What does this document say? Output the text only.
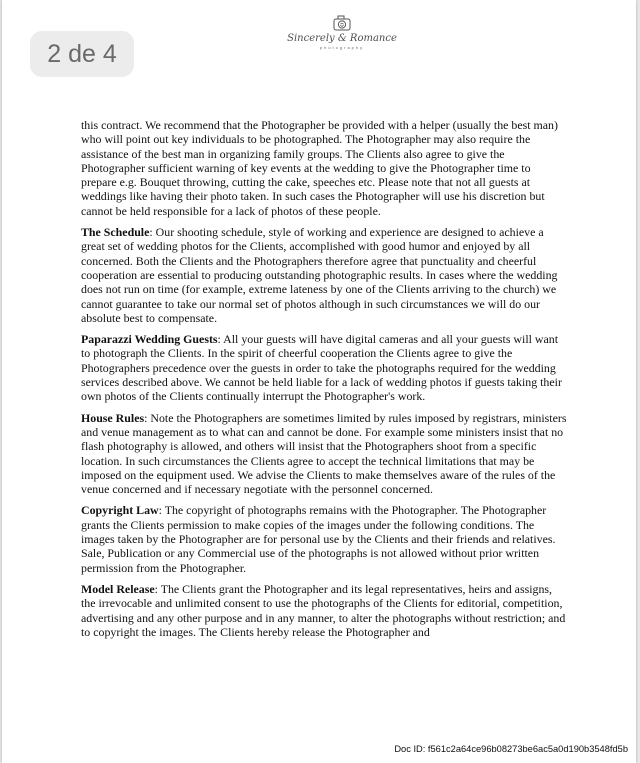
Sincerely & Romance
photography

this contract. We recommend that the Photographer be provided with a helper (usually the best man) who will point out key individuals to be photographed. The Photographer may also require the assistance of the best man in organizing family groups. The Clients also agree to give the Photographer sufficient warning of key events at the wedding to give the Photographer time to prepare e.g. Bouquet throwing, cutting the cake, speeches etc. Please note that not all guests at weddings like having their photo taken. In such cases the Photographer will use his discretion but cannot be held responsible for a lack of photos of these people.

The Schedule: Our shooting schedule, style of working and experience are designed to achieve a great set of wedding photos for the Clients, accomplished with good humor and enjoyed by all concerned. Both the Clients and the Photographers therefore agree that punctuality and cheerful cooperation are essential to producing outstanding photographic results. In cases where the wedding does not run on time (for example, extreme lateness by one of the Clients arriving to the church) we cannot guarantee to take our normal set of photos although in such circumstances we will do our absolute best to compensate.

Paparazzi Wedding Guests: All your guests will have digital cameras and all your guests will want to photograph the Clients. In the spirit of cheerful cooperation the Clients agree to give the Photographers precedence over the guests in order to take the photographs required for the wedding services described above. We cannot be held liable for a lack of wedding photos if guests taking their own photos of the Clients continually interrupt the Photographer's work.

House Rules: Note the Photographers are sometimes limited by rules imposed by registrars, ministers and venue management as to what can and cannot be done. For example some ministers insist that no flash photography is allowed, and others will insist that the Photographers shoot from a specific location. In such circumstances the Clients agree to accept the technical limitations that may be imposed on the equipment used. We advise the Clients to make themselves aware of the rules of the venue concerned and if necessary negotiate with the personnel concerned.

Copyright Law: The copyright of photographs remains with the Photographer. The Photographer grants the Clients permission to make copies of the images under the following conditions. The images taken by the Photographer are for personal use by the Clients and their friends and relatives. Sale, Publication or any Commercial use of the photographs is not allowed without prior written permission from the Photographer.

Model Release: The Clients grant the Photographer and its legal representatives, heirs and assigns, the irrevocable and unlimited consent to use the photographs of the Clients for editorial, competition, advertising and any other purpose and in any manner, to alter the photographs without restriction; and to copyright the images. The Clients hereby release the Photographer and

Doc ID: f561c2a64ce96b08273be6ac5a0d190b3548fd5b
2 de 4
